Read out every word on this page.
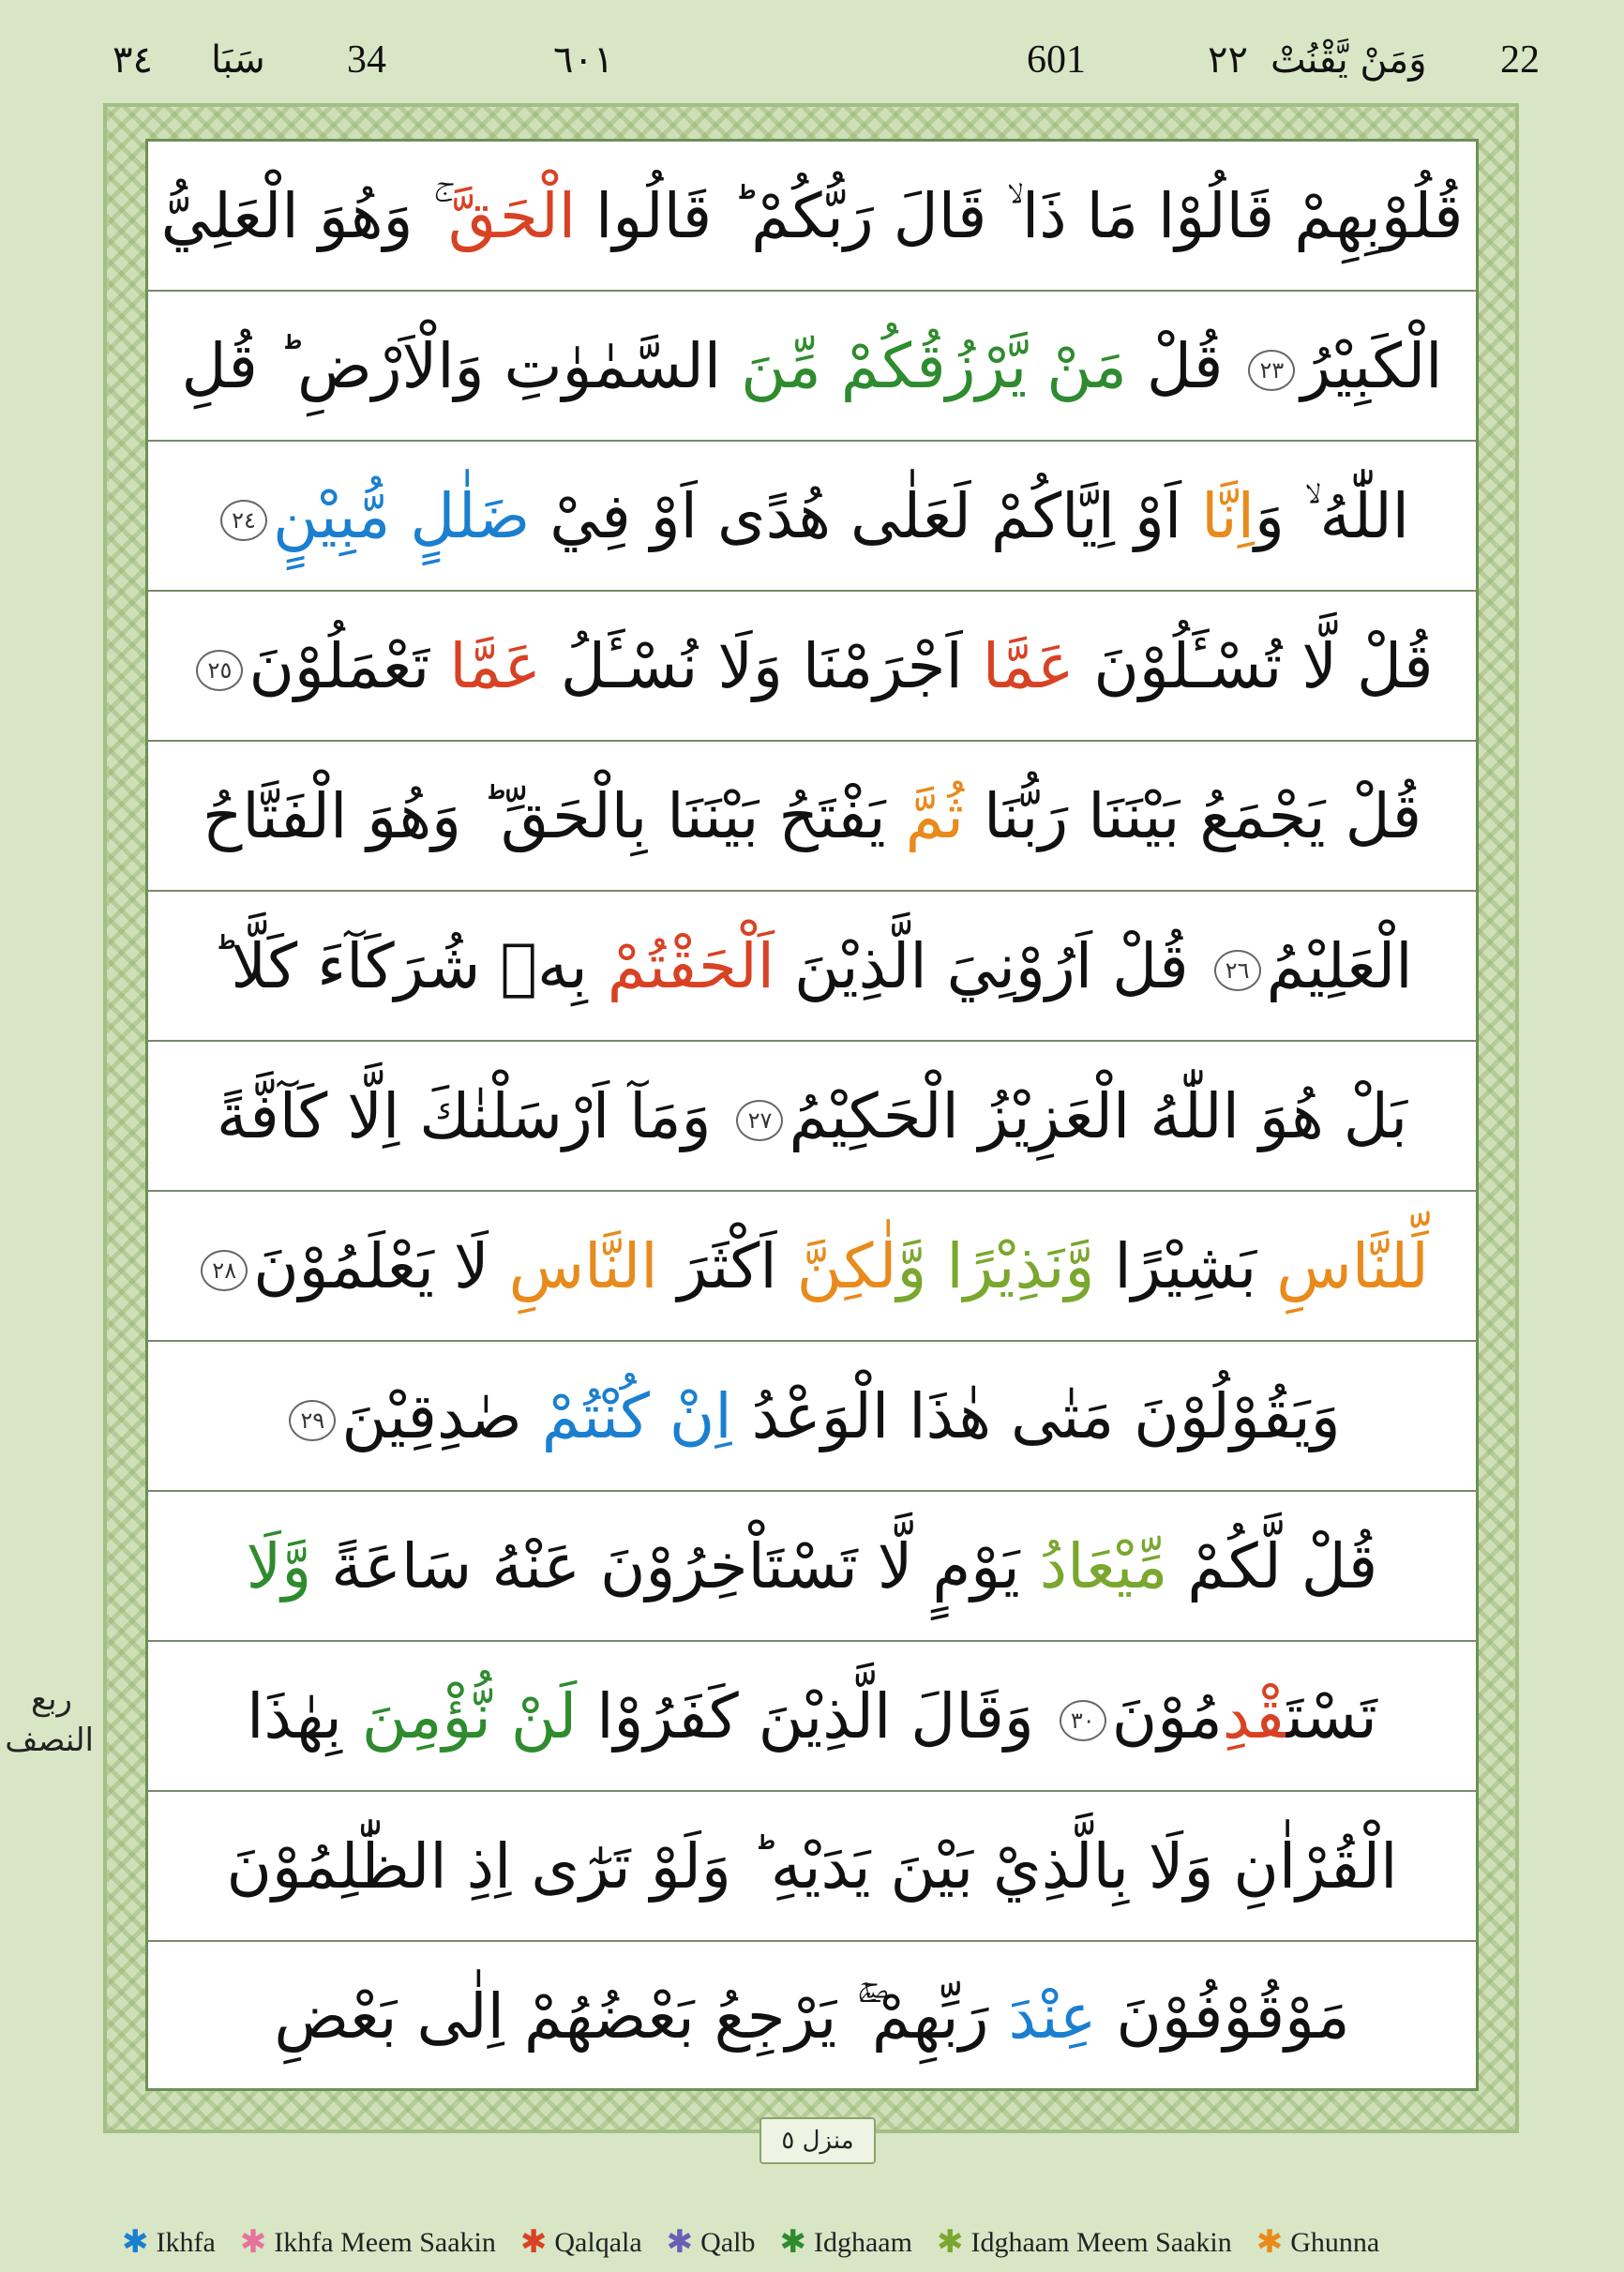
22
وَمَنْ يَّقْنُتْ
٢٢
601
٦٠١
34
سَبَا
٣٤
قُلُوْبِهِمْ قَالُوْا مَا ذَا ۙ قَالَ رَبُّكُمْ ؕ قَالُوا الْحَقَّ ۚ وَهُوَ الْعَلِيُّ
الْكَبِيْرُ٢٣ قُلْ مَنْ يَّرْزُقُكُمْ مِّنَ السَّمٰوٰتِ وَالْاَرْضِ ؕ قُلِ
اللّٰهُ ۙ وَاِنَّا اَوْ اِيَّاكُمْ لَعَلٰى هُدًى اَوْ فِيْ ضَلٰلٍ مُّبِيْنٍ٢٤
قُلْ لَّا تُسْـَٔلُوْنَ عَمَّا اَجْرَمْنَا وَلَا نُسْـَٔلُ عَمَّا تَعْمَلُوْنَ٢٥
قُلْ يَجْمَعُ بَيْنَنَا رَبُّنَا ثُمَّ يَفْتَحُ بَيْنَنَا بِالْحَقِّ ؕ وَهُوَ الْفَتَّاحُ
الْعَلِيْمُ٢٦ قُلْ اَرُوْنِيَ الَّذِيْنَ اَلْحَقْتُمْ بِهٖ شُرَكَآءَ كَلَّا ؕ
بَلْ هُوَ اللّٰهُ الْعَزِيْزُ الْحَكِيْمُ٢٧ وَمَآ اَرْسَلْنٰكَ اِلَّا كَآفَّةً
لِّلنَّاسِ بَشِيْرًا وَّنَذِيْرًا وَّلٰكِنَّ اَكْثَرَ النَّاسِ لَا يَعْلَمُوْنَ٢٨
وَيَقُوْلُوْنَ مَتٰى هٰذَا الْوَعْدُ اِنْ كُنْتُمْ صٰدِقِيْنَ٢٩
قُلْ لَّكُمْ مِّيْعَادُ يَوْمٍ لَّا تَسْتَاْخِرُوْنَ عَنْهُ سَاعَةً وَّلَا
تَسْتَقْدِمُوْنَ٣٠ وَقَالَ الَّذِيْنَ كَفَرُوْا لَنْ نُّؤْمِنَ بِهٰذَا
الْقُرْاٰنِ وَلَا بِالَّذِيْ بَيْنَ يَدَيْهِ ؕ وَلَوْ تَرٰٓى اِذِ الظّٰلِمُوْنَ
مَوْقُوْفُوْنَ عِنْدَ رَبِّهِمْ ۖۚ يَرْجِعُ بَعْضُهُمْ اِلٰى بَعْضِ
ربع النصف
منزل ٥
✱ Ikhfa ✱ Ikhfa Meem Saakin ✱ Qalqala ✱ Qalb ✱ Idghaam ✱ Idghaam Meem Saakin ✱ Ghunna
